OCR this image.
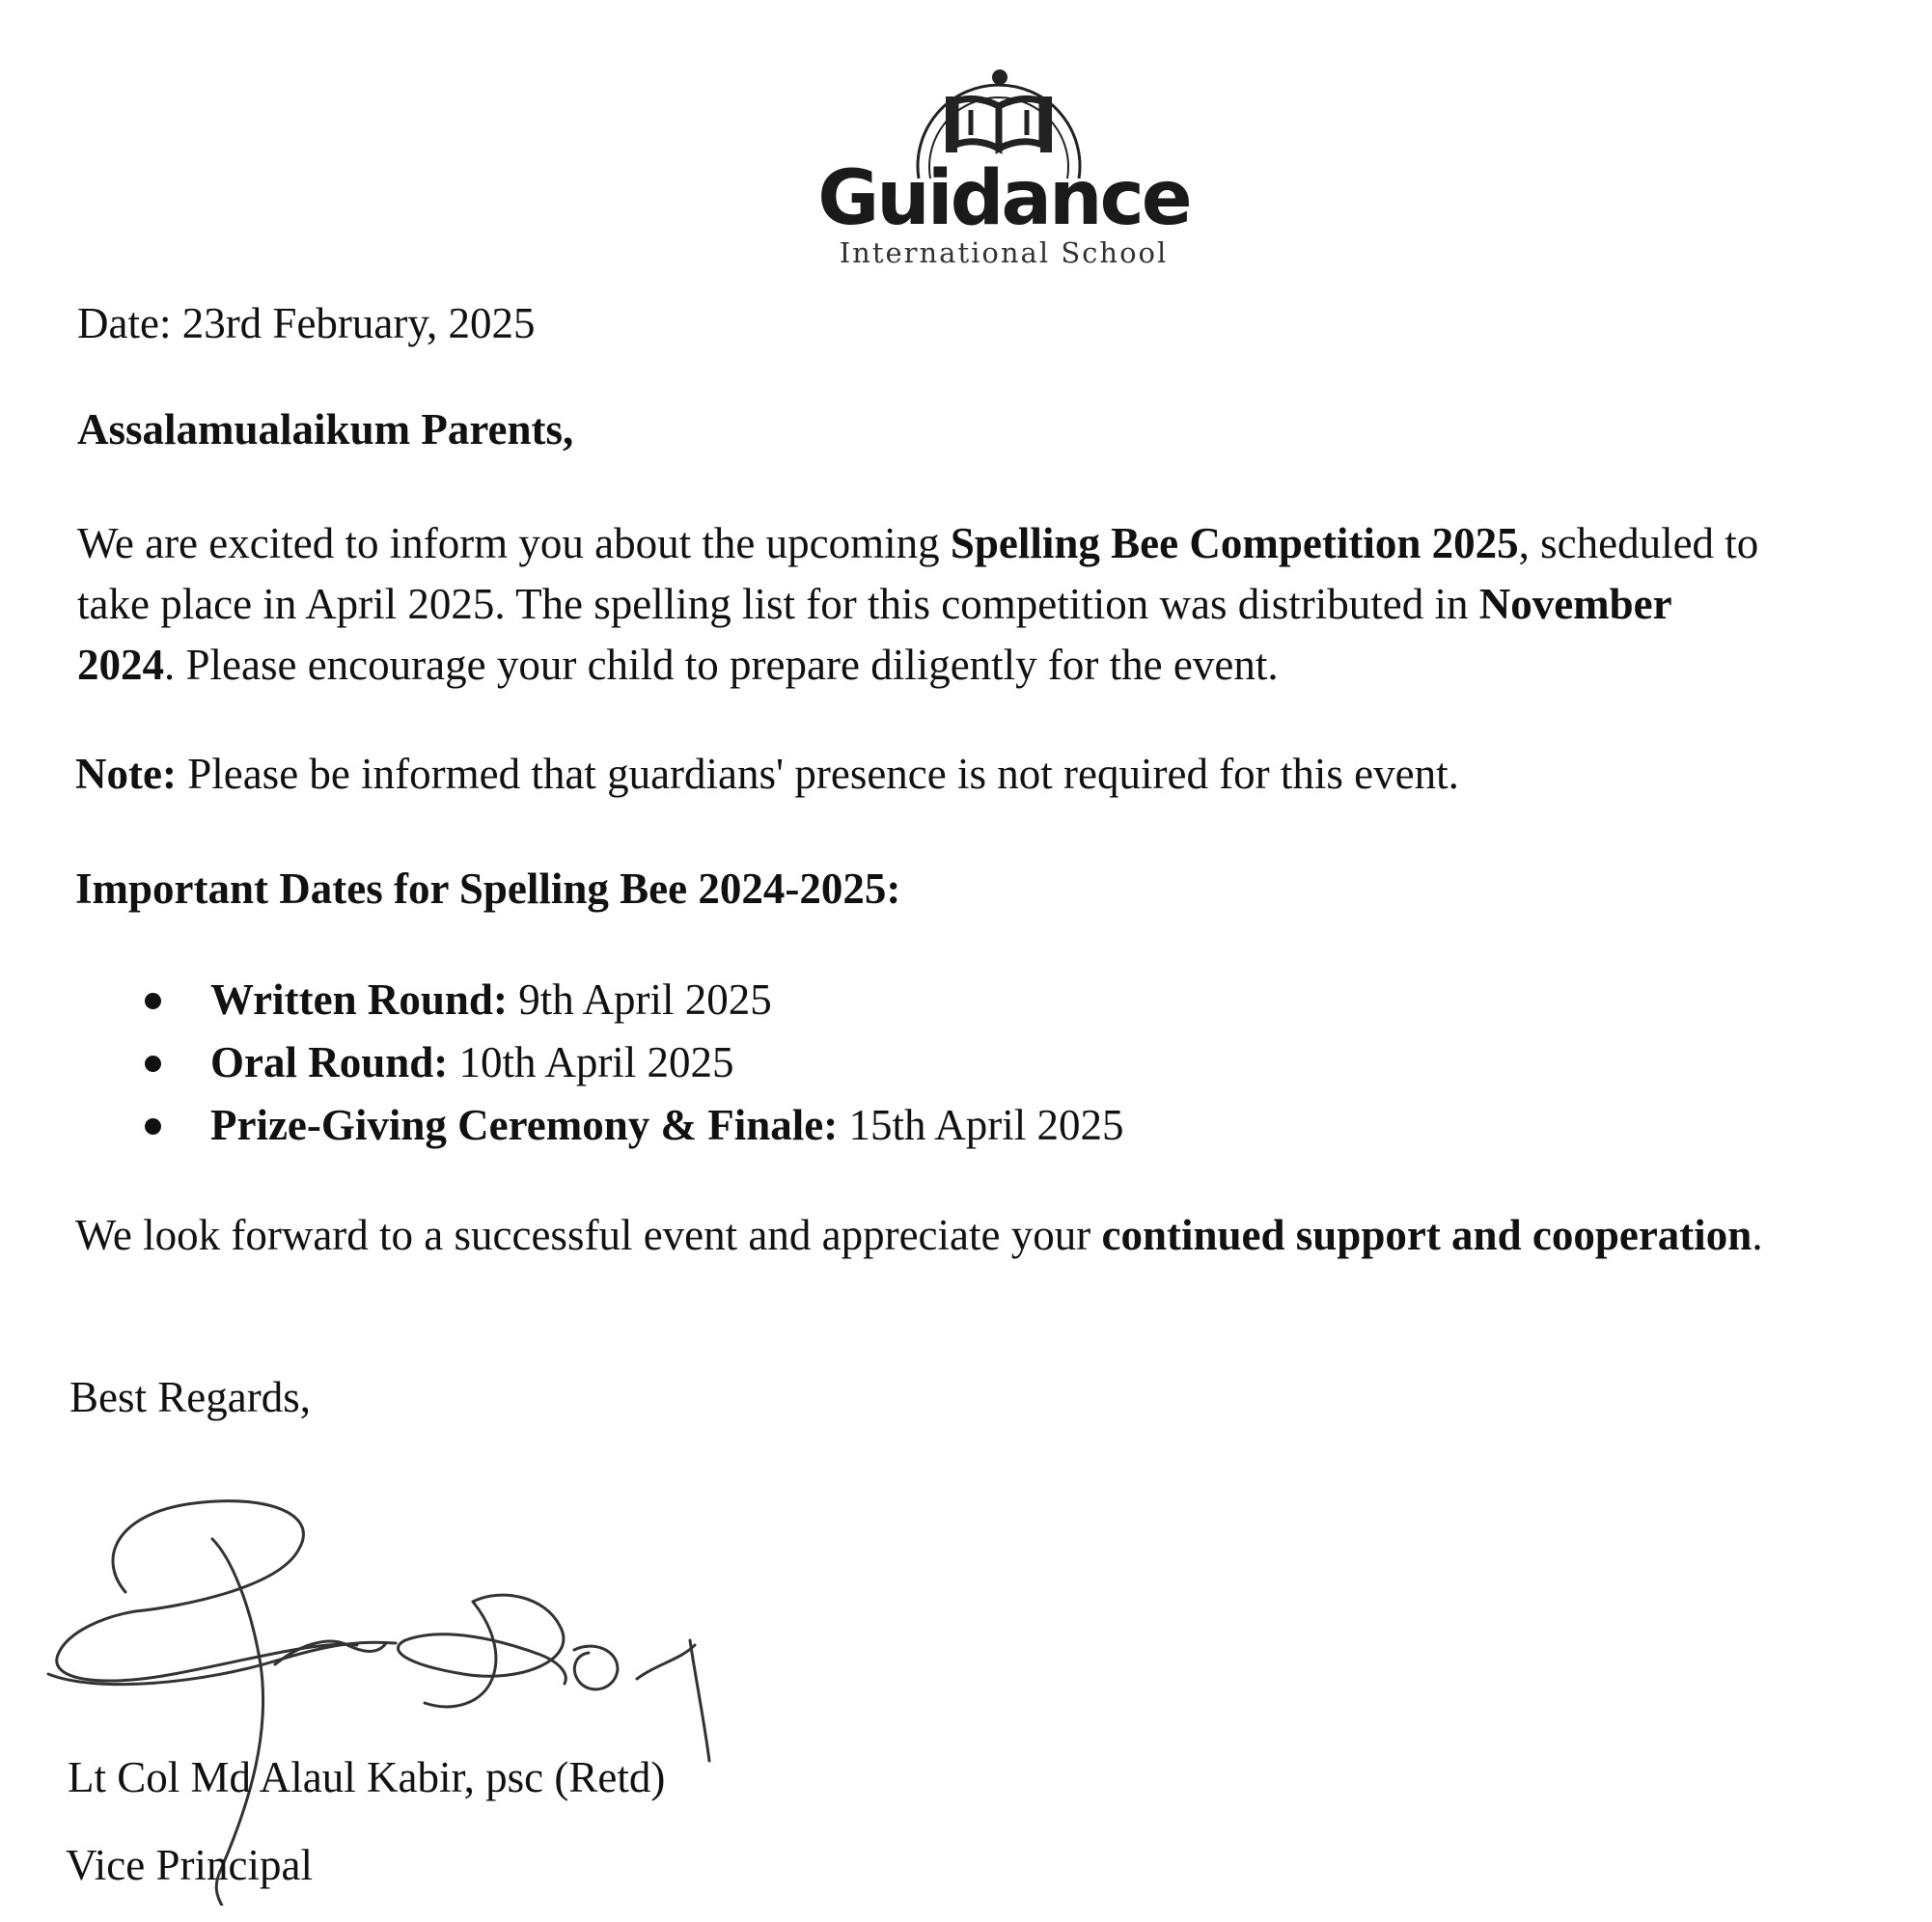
Guidance
International School
Date: 23rd February, 2025
Assalamualaikum Parents,
We are excited to inform you about the upcoming Spelling Bee Competition 2025, scheduled to
take place in April 2025. The spelling list for this competition was distributed in November
2024. Please encourage your child to prepare diligently for the event.
Note: Please be informed that guardians' presence is not required for this event.
Important Dates for Spelling Bee 2024-2025:
Written Round: 9th April 2025
Oral Round: 10th April 2025
Prize-Giving Ceremony & Finale: 15th April 2025
We look forward to a successful event and appreciate your continued support and cooperation.
Best Regards,
Lt Col Md Alaul Kabir, psc (Retd)
Vice Principal
